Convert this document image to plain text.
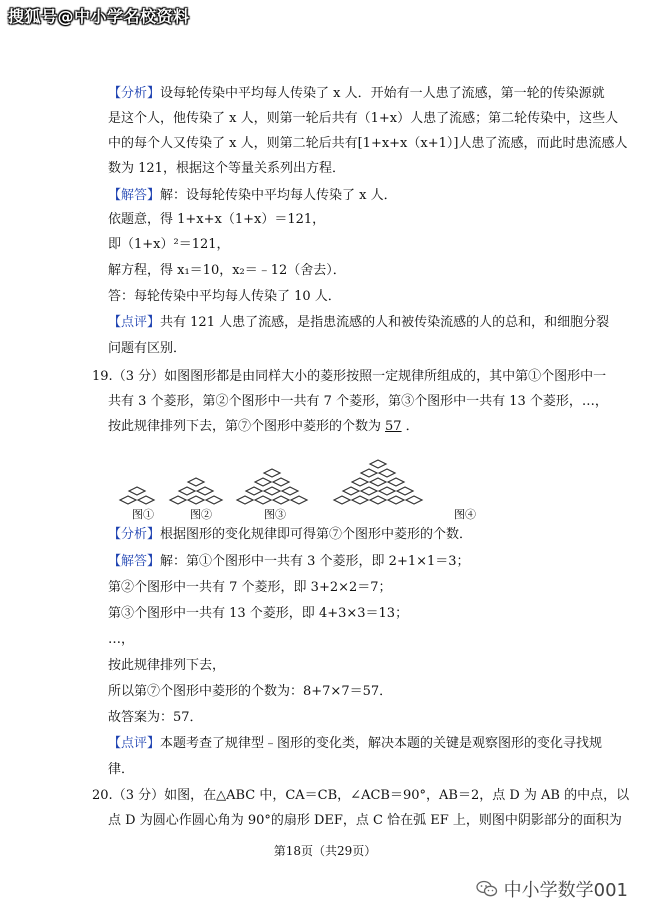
搜狐号@中小学名校资料
【分析】设每轮传染中平均每人传染了 x 人．开始有一人患了流感，第一轮的传染源就
是这个人，他传染了 x 人，则第一轮后共有（1+x）人患了流感；第二轮传染中，这些人
中的每个人又传染了 x 人，则第二轮后共有[1+x+x（x+1）]人患了流感，而此时患流感人
数为 121，根据这个等量关系列出方程．
【解答】解：设每轮传染中平均每人传染了 x 人．
依题意，得 1+x+x（1+x）＝121，
即（1+x）²＝121，
解方程，得 x₁＝10，x₂＝﹣12（舍去）．
答：每轮传染中平均每人传染了 10 人．
【点评】共有 121 人患了流感，是指患流感的人和被传染流感的人的总和，和细胞分裂
问题有区别．
19.（3 分）如图图形都是由同样大小的菱形按照一定规律所组成的，其中第①个图形中一
共有 3 个菱形，第②个图形中一共有 7 个菱形，第③个图形中一共有 13 个菱形，…，
按此规律排列下去，第⑦个图形中菱形的个数为 57 ．
图①	图②	图③	图④
【分析】根据图形的变化规律即可得第⑦个图形中菱形的个数．
【解答】解：第①个图形中一共有 3 个菱形，即 2+1×1＝3；
第②个图形中一共有 7 个菱形，即 3+2×2＝7；
第③个图形中一共有 13 个菱形，即 4+3×3＝13；
…，
按此规律排列下去，
所以第⑦个图形中菱形的个数为：8+7×7＝57．
故答案为：57．
【点评】本题考查了规律型﹣图形的变化类，解决本题的关键是观察图形的变化寻找规
律．
20.（3 分）如图，在△ABC 中，CA＝CB，∠ACB＝90°，AB＝2，点 D 为 AB 的中点，以
点 D 为圆心作圆心角为 90°的扇形 DEF，点 C 恰在弧 EF 上，则图中阴影部分的面积为
第18页（共29页）
中小学数学001
